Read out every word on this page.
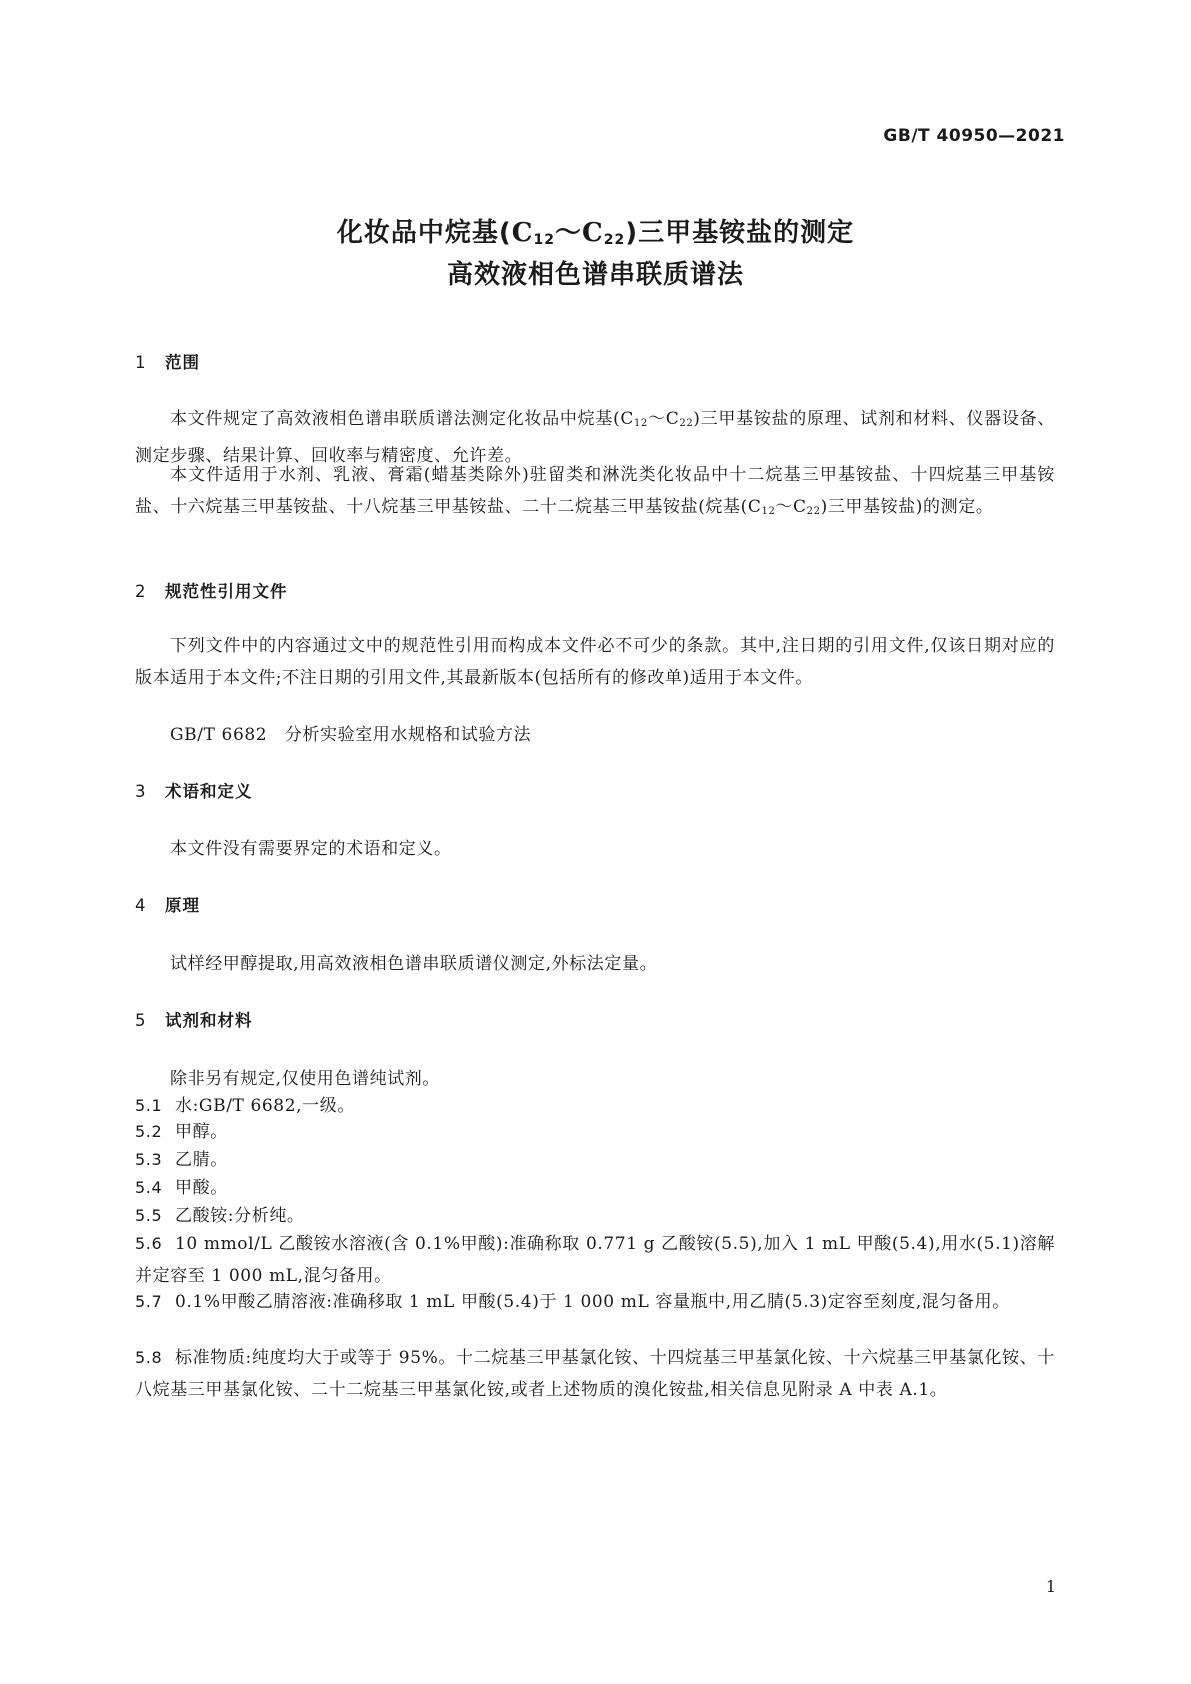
GB/T 40950—2021
化妆品中烷基$(C_{12}\sim C_{22})$三甲基铵盐的测定
高效液相色谱串联质谱法
1 范围
本文件规定了高效液相色谱串联质谱法测定化妆品中烷基$(C_{12}\sim C_{22})$三甲基铵盐的原理、试剂和材料、仪器设备、测定步骤、结果计算、回收率与精密度、允许差。
本文件适用于水剂、乳液、膏霜(蜡基类除外)驻留类和淋洗类化妆品中十二烷基三甲基铵盐、十四烷基三甲基铵盐、十六烷基三甲基铵盐、十八烷基三甲基铵盐、二十二烷基三甲基铵盐(烷基$(C_{12}\sim C_{22})$三甲基铵盐)的测定。
2 规范性引用文件
下列文件中的内容通过文中的规范性引用而构成本文件必不可少的条款。其中,注日期的引用文件,仅该日期对应的版本适用于本文件;不注日期的引用文件,其最新版本(包括所有的修改单)适用于本文件。
GB/T 6682　分析实验室用水规格和试验方法
3 术语和定义
本文件没有需要界定的术语和定义。
4 原理
试样经甲醇提取,用高效液相色谱串联质谱仪测定,外标法定量。
5 试剂和材料
除非另有规定,仅使用色谱纯试剂。
5.1 水:GB/T 6682,一级。
5.2 甲醇。
5.3 乙腈。
5.4 甲酸。
5.5 乙酸铵:分析纯。
5.6 10 mmol/L 乙酸铵水溶液(含 0.1%甲酸):准确称取 0.771 g 乙酸铵(5.5),加入 1 mL 甲酸(5.4),用水(5.1)溶解并定容至 1 000 mL,混匀备用。
5.7 0.1%甲酸乙腈溶液:准确移取 1 mL 甲酸(5.4)于 1 000 mL 容量瓶中,用乙腈(5.3)定容至刻度,混匀备用。
5.8 标准物质:纯度均大于或等于 95%。十二烷基三甲基氯化铵、十四烷基三甲基氯化铵、十六烷基三甲基氯化铵、十八烷基三甲基氯化铵、二十二烷基三甲基氯化铵,或者上述物质的溴化铵盐,相关信息见附录 A 中表 A.1。
1
